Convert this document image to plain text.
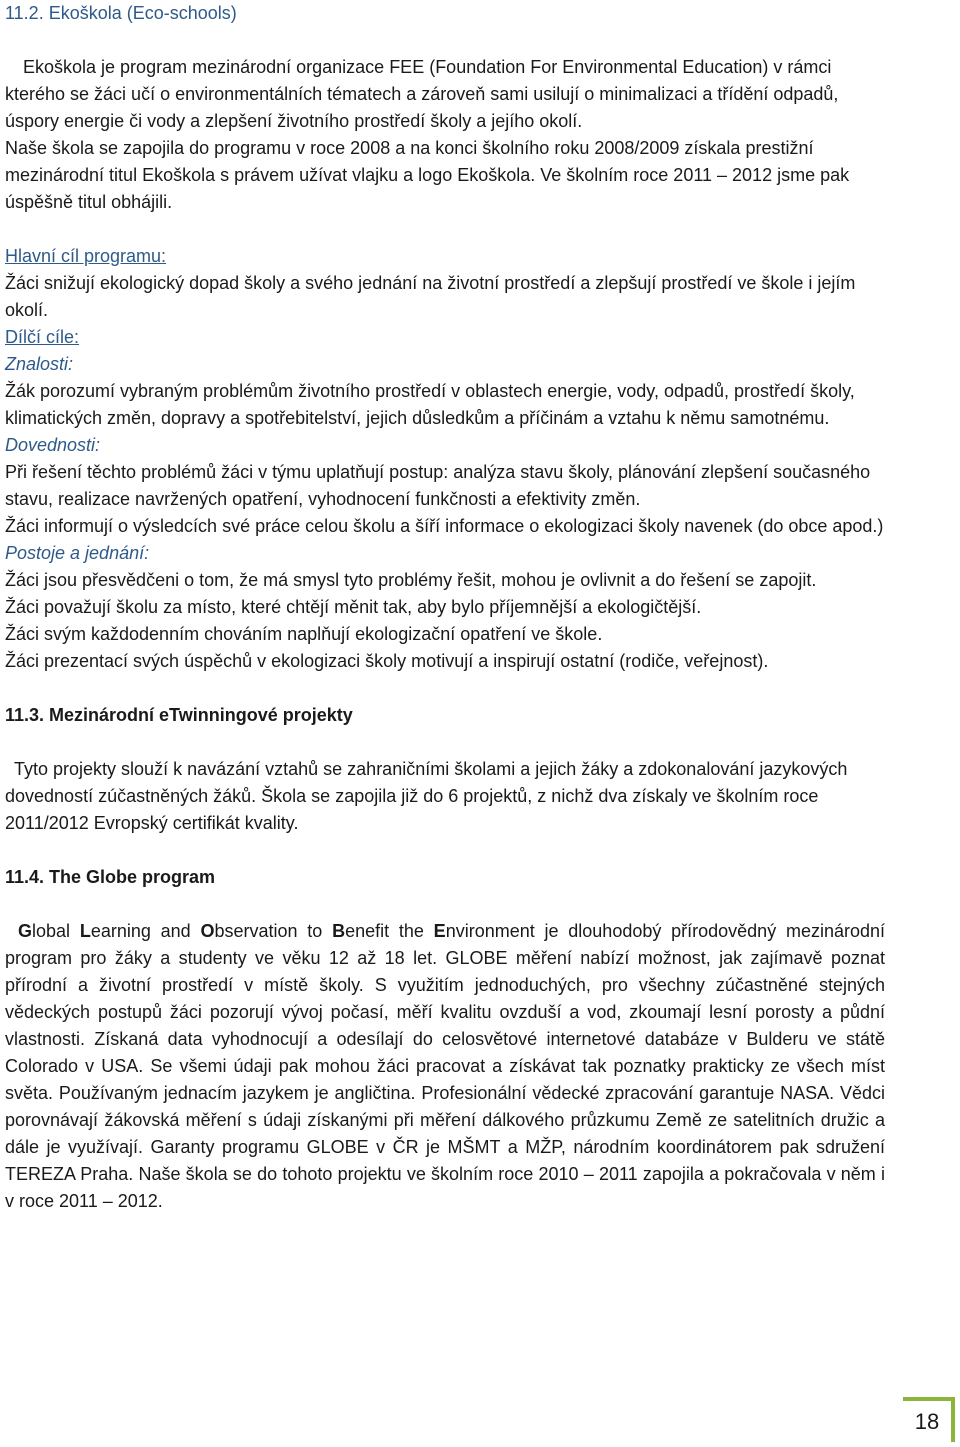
11.2. Ekoškola (Eco-schools)

Ekoškola je program mezinárodní organizace FEE (Foundation For Environmental Education) v rámci kterého se žáci učí o environmentálních tématech a zároveň sami usilují o minimalizaci a třídění odpadů, úspory energie či vody a zlepšení životního prostředí školy a jejího okolí.

Naše škola se zapojila do programu v roce 2008 a na konci školního roku 2008/2009 získala prestižní mezinárodní titul Ekoškola s právem užívat vlajku a logo Ekoškola. Ve školním roce 2011 – 2012 jsme pak úspěšně titul obhájili.

Hlavní cíl programu:

Žáci snižují ekologický dopad školy a svého jednání na životní prostředí a zlepšují prostředí ve škole i jejím okolí.

Dílčí cíle:

Znalosti:

Žák porozumí vybraným problémům životního prostředí v oblastech energie, vody, odpadů, prostředí školy, klimatických změn, dopravy a spotřebitelství, jejich důsledkům a příčinám a vztahu k němu samotnému.

Dovednosti:

Při řešení těchto problémů žáci v týmu uplatňují postup: analýza stavu školy, plánování zlepšení současného stavu, realizace navržených opatření, vyhodnocení funkčnosti a efektivity změn.

Žáci informují o výsledcích své práce celou školu a šíří informace o ekologizaci školy navenek (do obce apod.)

Postoje a jednání:

Žáci jsou přesvědčeni o tom, že má smysl tyto problémy řešit, mohou je ovlivnit a do řešení se zapojit.

Žáci považují školu za místo, které chtějí měnit tak, aby bylo příjemnější a ekologičtější.

Žáci svým každodenním chováním naplňují ekologizační opatření ve škole.

Žáci prezentací svých úspěchů v ekologizaci školy motivují a inspirují ostatní (rodiče, veřejnost).

11.3. Mezinárodní eTwinningové projekty

Tyto projekty slouží k navázání vztahů se zahraničními školami a jejich žáky a zdokonalování jazykových dovedností zúčastněných žáků. Škola se zapojila již do 6 projektů, z nichž dva získaly ve školním roce 2011/2012 Evropský certifikát kvality.

11.4. The Globe program

Global Learning and Observation to Benefit the Environment je dlouhodobý přírodovědný mezinárodní program pro žáky a studenty ve věku 12 až 18 let. GLOBE měření nabízí možnost, jak zajímavě poznat přírodní a životní prostředí v místě školy. S využitím jednoduchých, pro všechny zúčastněné stejných vědeckých postupů žáci pozorují vývoj počasí, měří kvalitu ovzduší a vod, zkoumají lesní porosty a půdní vlastnosti. Získaná data vyhodnocují a odesílají do celosvětové internetové databáze v Bulderu ve státě Colorado v USA. Se všemi údaji pak mohou žáci pracovat a získávat tak poznatky prakticky ze všech míst světa. Používaným jednacím jazykem je angličtina. Profesionální vědecké zpracování garantuje NASA. Vědci porovnávají žákovská měření s údaji získanými při měření dálkového průzkumu Země ze satelitních družic a dále je využívají. Garanty programu GLOBE v ČR je MŠMT a MŽP, národním koordinátorem pak sdružení TEREZA Praha. Naše škola se do tohoto projektu ve školním roce 2010 – 2011 zapojila a pokračovala v něm i v roce 2011 – 2012.

18
